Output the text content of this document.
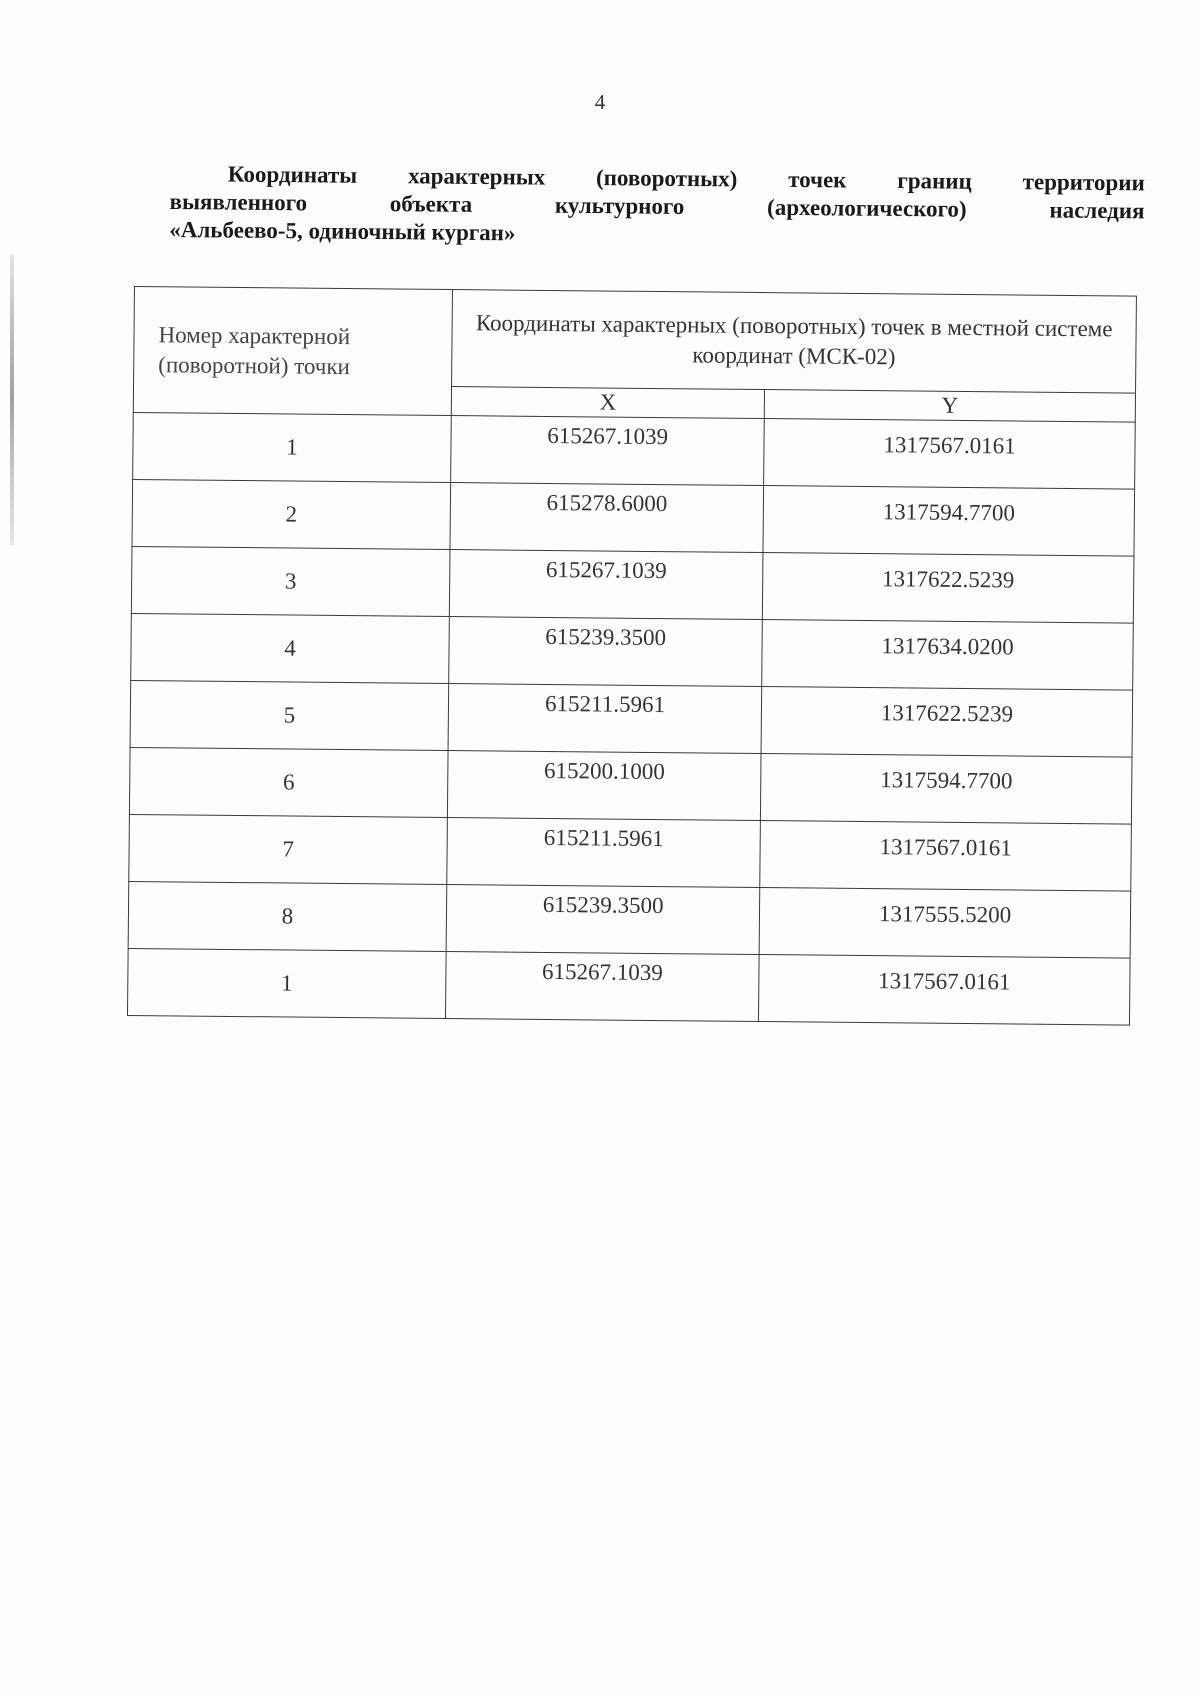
4
Координаты характерных (поворотных) точек границ территории
выявленного	объекта	культурного	(археологического)	наследия
«Альбеево-5, одиночный курган»
Номер характерной (поворотной) точки	Координаты характерных (поворотных) точек в местной системе координат (МСК-02)	
	X	Y
1	615267.1039	1317567.0161
2	615278.6000	1317594.7700
3	615267.1039	1317622.5239
4	615239.3500	1317634.0200
5	615211.5961	1317622.5239
6	615200.1000	1317594.7700
7	615211.5961	1317567.0161
8	615239.3500	1317555.5200
1	615267.1039	1317567.0161
